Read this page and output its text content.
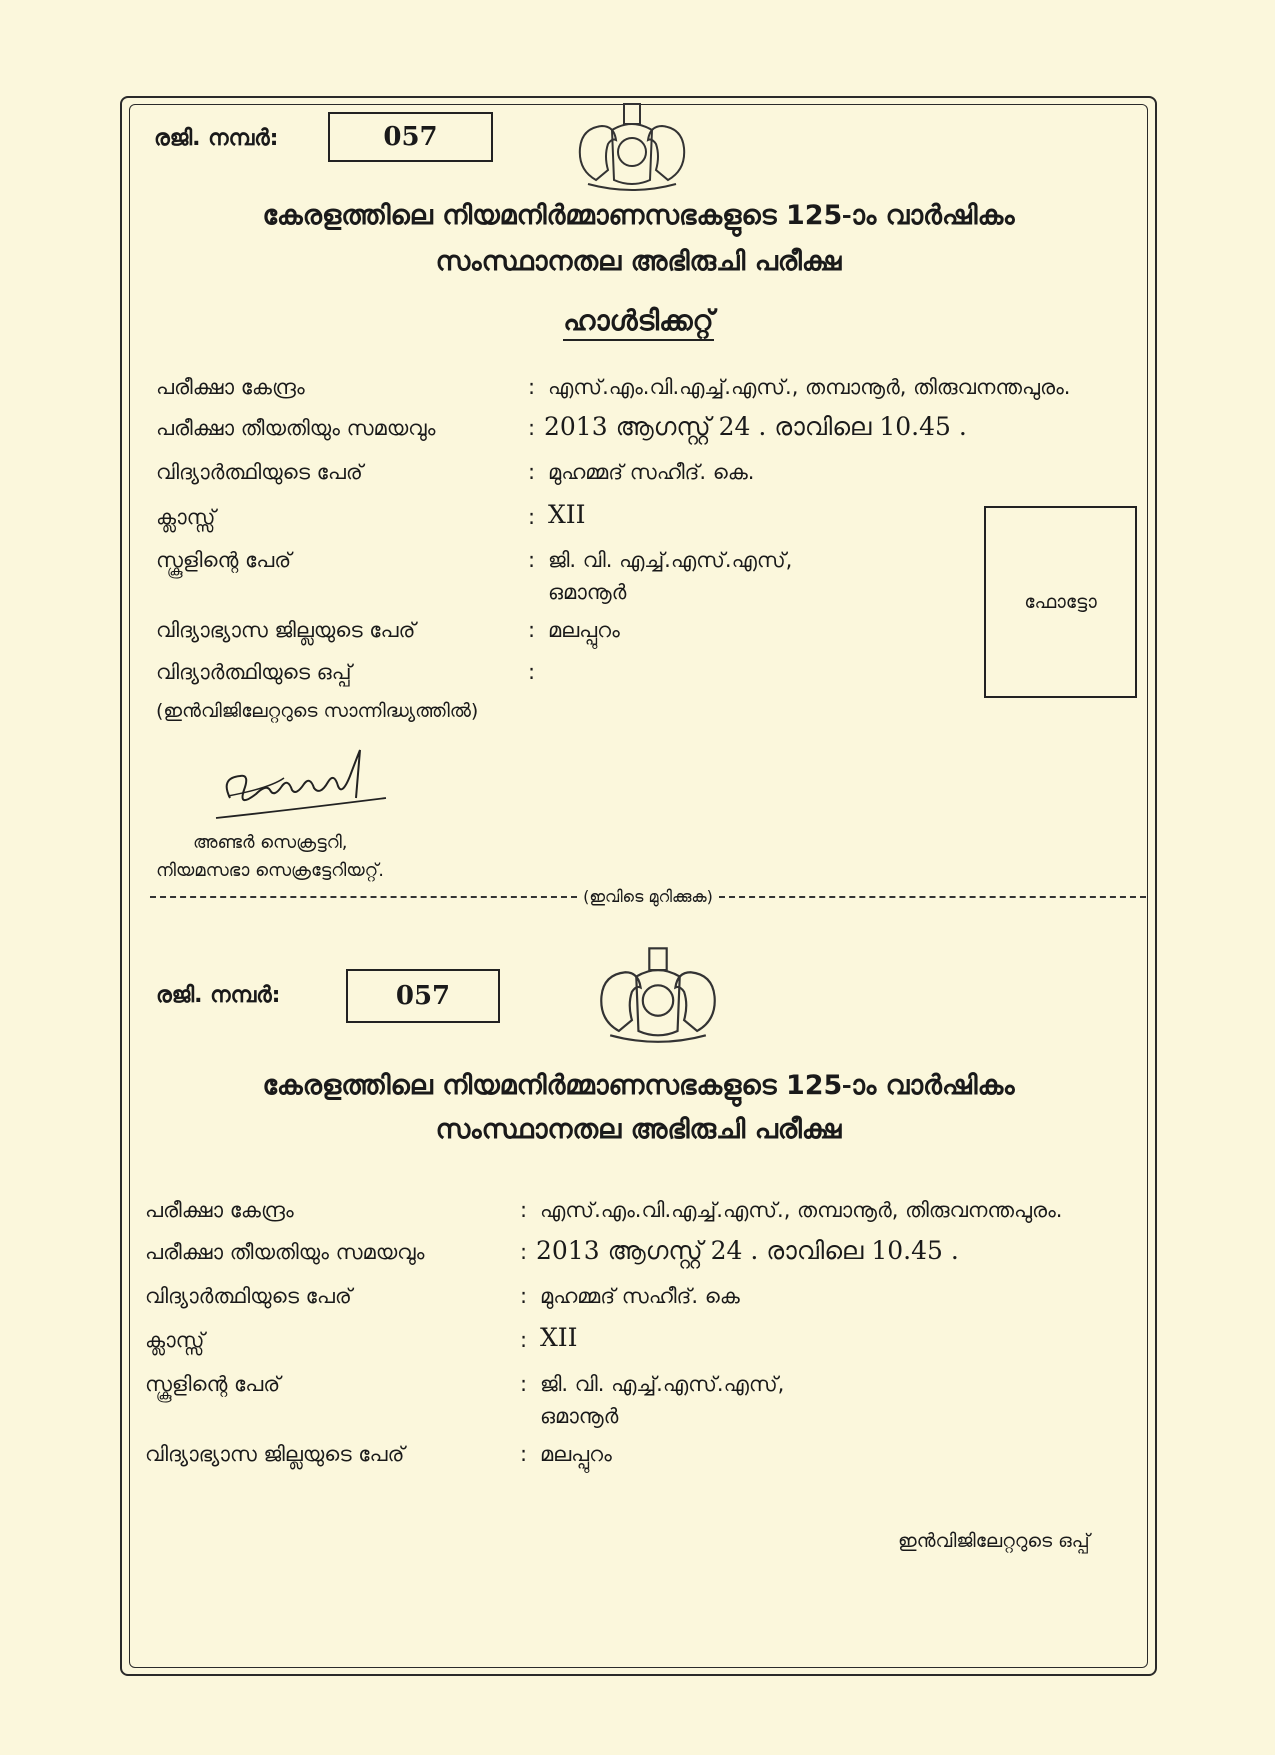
രജി. നമ്പർ:	057
കേരളത്തിലെ നിയമനിർമ്മാണസഭകളുടെ 125-ാം വാർഷികം
സംസ്ഥാനതല അഭിരുചി പരീക്ഷ
ഹാൾടിക്കറ്റ്
പരീക്ഷാ കേന്ദ്രം	: എസ്.എം.വി.എച്ച്.എസ്., തമ്പാനൂർ, തിരുവനന്തപുരം.
പരീക്ഷാ തീയതിയും സമയവും	: 2013 ആഗസ്റ്റ് 24 . രാവിലെ 10.45 .
വിദ്യാർത്ഥിയുടെ പേര്	: മുഹമ്മദ് സഹീദ്. കെ.
ക്ലാസ്സ്	: XII
സ്കൂളിന്റെ പേര്	: ജി. വി. എച്ച്.എസ്.എസ്,
ഒമാനൂർ
വിദ്യാഭ്യാസ ജില്ലയുടെ പേര്	: മലപ്പുറം
വിദ്യാർത്ഥിയുടെ ഒപ്പ്	:
(ഇൻവിജിലേറ്ററുടെ സാന്നിദ്ധ്യത്തിൽ)
ഫോട്ടോ
അണ്ടർ സെക്രട്ടറി,
നിയമസഭാ സെക്രട്ടേറിയറ്റ്.
(ഇവിടെ മുറിക്കുക)
രജി. നമ്പർ:	057
കേരളത്തിലെ നിയമനിർമ്മാണസഭകളുടെ 125-ാം വാർഷികം
സംസ്ഥാനതല അഭിരുചി പരീക്ഷ
പരീക്ഷാ കേന്ദ്രം	: എസ്.എം.വി.എച്ച്.എസ്., തമ്പാനൂർ, തിരുവനന്തപുരം.
പരീക്ഷാ തീയതിയും സമയവും	: 2013 ആഗസ്റ്റ് 24 . രാവിലെ 10.45 .
വിദ്യാർത്ഥിയുടെ പേര്	: മുഹമ്മദ് സഹീദ്. കെ
ക്ലാസ്സ്	: XII
സ്കൂളിന്റെ പേര്	: ജി. വി. എച്ച്.എസ്.എസ്,
ഒമാനൂർ
വിദ്യാഭ്യാസ ജില്ലയുടെ പേര്	: മലപ്പുറം
ഇൻവിജിലേറ്ററുടെ ഒപ്പ്
